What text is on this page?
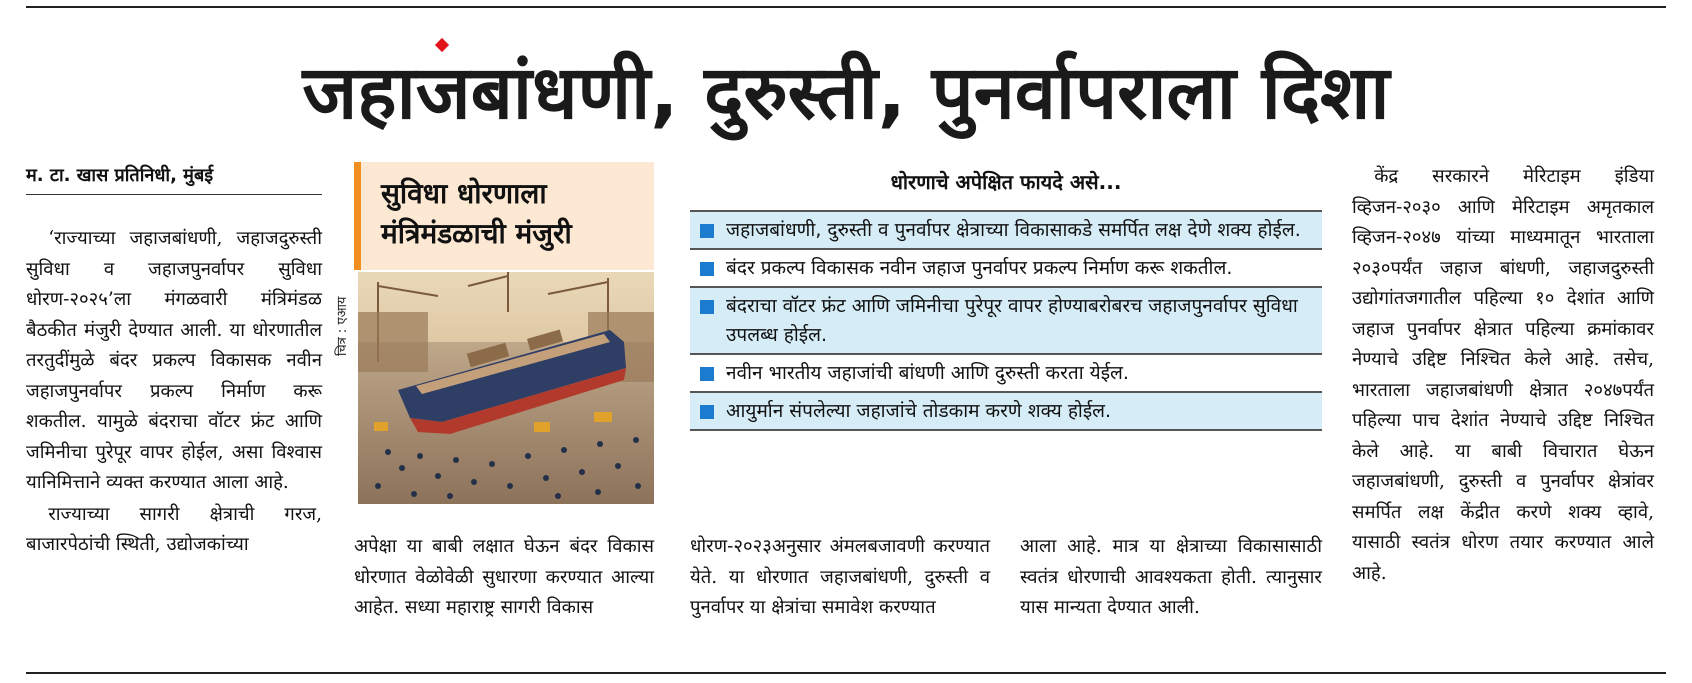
जहाजबांधणी, दुरुस्ती, पुनर्वापराला दिशा
म. टा. खास प्रतिनिधी, मुंबई

‘राज्याच्या जहाजबांधणी, जहाजदुरुस्ती सुविधा व जहाजपुनर्वापर सुविधा धोरण-२०२५’ला मंगळवारी मंत्रिमंडळ बैठकीत मंजुरी देण्यात आली. या धोरणातील तरतुदींमुळे बंदर प्रकल्प विकासक नवीन जहाजपुनर्वापर प्रकल्प निर्माण करू शकतील. यामुळे बंदराचा वॉटर फ्रंट आणि जमिनीचा पुरेपूर वापर होईल, असा विश्वास यानिमित्ताने व्यक्त करण्यात आला आहे.

राज्याच्या सागरी क्षेत्राची गरज, बाजारपेठांची स्थिती, उद्योजकांच्या

सुविधा धोरणाला मंत्रिमंडळाची मंजुरी
चित्र : एआय
अपेक्षा या बाबी लक्षात घेऊन बंदर विकास धोरणात वेळोवेळी सुधारणा करण्यात आल्या आहेत. सध्या महाराष्ट्र सागरी विकास
धोरणाचे अपेक्षित फायदे असे...
जहाजबांधणी, दुरुस्ती व पुनर्वापर क्षेत्राच्या विकासाकडे समर्पित लक्ष देणे शक्य होईल.
बंदर प्रकल्प विकासक नवीन जहाज पुनर्वापर प्रकल्प निर्माण करू शकतील.
बंदराचा वॉटर फ्रंट आणि जमिनीचा पुरेपूर वापर होण्याबरोबरच जहाजपुनर्वापर सुविधा उपलब्ध होईल.
नवीन भारतीय जहाजांची बांधणी आणि दुरुस्ती करता येईल.
आयुर्मान संपलेल्या जहाजांचे तोडकाम करणे शक्य होईल.
धोरण-२०२३अनुसार अंमलबजावणी करण्यात येते. या धोरणात जहाजबांधणी, दुरुस्ती व पुनर्वापर या क्षेत्रांचा समावेश करण्यात
आला आहे. मात्र या क्षेत्राच्या विकासासाठी स्वतंत्र धोरणाची आवश्यकता होती. त्यानुसार यास मान्यता देण्यात आली.

केंद्र सरकारने मेरिटाइम इंडिया व्हिजन-२०३० आणि मेरिटाइम अमृतकाल व्हिजन-२०४७ यांच्या माध्यमातून भारताला २०३०पर्यंत जहाज बांधणी, जहाजदुरुस्ती उद्योगांतजगातील पहिल्या १० देशांत आणि जहाज पुनर्वापर क्षेत्रात पहिल्या क्रमांकावर नेण्याचे उद्दिष्ट निश्चित केले आहे. तसेच, भारताला जहाजबांधणी क्षेत्रात २०४७पर्यंत पहिल्या पाच देशांत नेण्याचे उद्दिष्ट निश्चित केले आहे. या बाबी विचारात घेऊन जहाजबांधणी, दुरुस्ती व पुनर्वापर क्षेत्रांवर समर्पित लक्ष केंद्रीत करणे शक्य व्हावे, यासाठी स्वतंत्र धोरण तयार करण्यात आले आहे.
